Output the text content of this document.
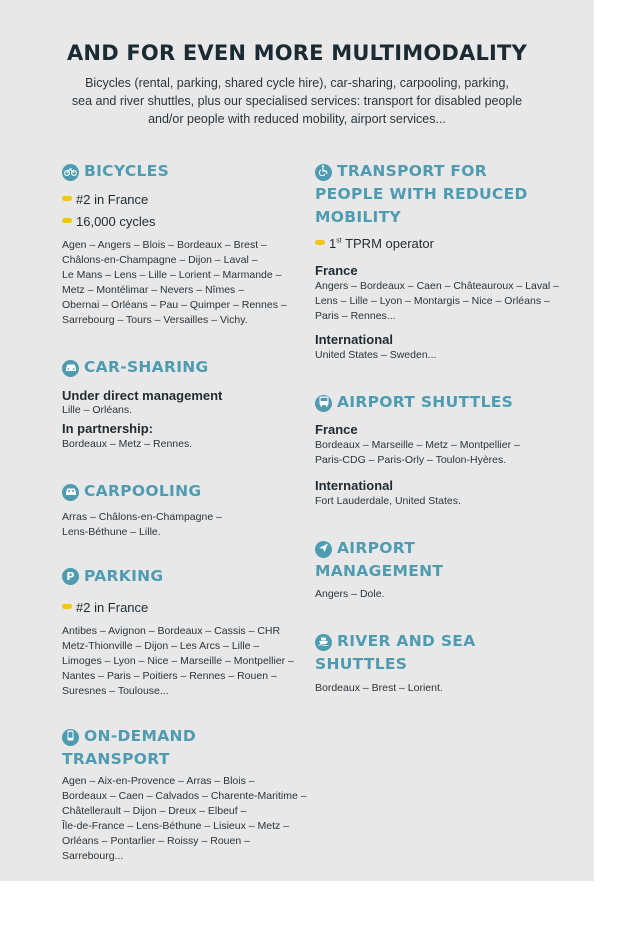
AND FOR EVEN MORE MULTIMODALITY
Bicycles (rental, parking, shared cycle hire), car-sharing, carpooling, parking,
sea and river shuttles, plus our specialised services: transport for disabled people
and/or people with reduced mobility, airport services...
BICYCLES
#2 in France
16,000 cycles
Agen – Angers – Blois – Bordeaux – Brest –
Châlons-en-Champagne – Dijon – Laval –
Le Mans – Lens – Lille – Lorient – Marmande –
Metz – Montélimar – Nevers – Nîmes –
Obernai – Orléans – Pau – Quimper – Rennes –
Sarrebourg – Tours – Versailles – Vichy.
CAR-SHARING
Under direct management
Lille – Orléans.
In partnership:
Bordeaux – Metz – Rennes.
CARPOOLING
Arras – Châlons-en-Champagne –
Lens-Béthune – Lille.
P PARKING
#2 in France
Antibes – Avignon – Bordeaux – Cassis – CHR
Metz-Thionville – Dijon – Les Arcs – Lille –
Limoges – Lyon – Nice – Marseille – Montpellier –
Nantes – Paris – Poitiers – Rennes – Rouen –
Suresnes – Toulouse...
ON-DEMAND
TRANSPORT
Agen – Aix-en-Provence – Arras – Blois –
Bordeaux – Caen – Calvados – Charente-Maritime –
Châtellerault – Dijon – Dreux – Elbeuf –
Île-de-France – Lens-Béthune – Lisieux – Metz –
Orléans – Pontarlier – Roissy – Rouen – Sarrebourg...
TRANSPORT FOR
PEOPLE WITH REDUCED
MOBILITY
1st TPRM operator
France
Angers – Bordeaux – Caen – Châteauroux – Laval –
Lens – Lille – Lyon – Montargis – Nice – Orléans –
Paris – Rennes...
International
United States – Sweden...
AIRPORT SHUTTLES
France
Bordeaux – Marseille – Metz – Montpellier –
Paris-CDG – Paris-Orly – Toulon-Hyères.
International
Fort Lauderdale, United States.
AIRPORT
MANAGEMENT
Angers – Dole.
RIVER AND SEA
SHUTTLES
Bordeaux – Brest – Lorient.
